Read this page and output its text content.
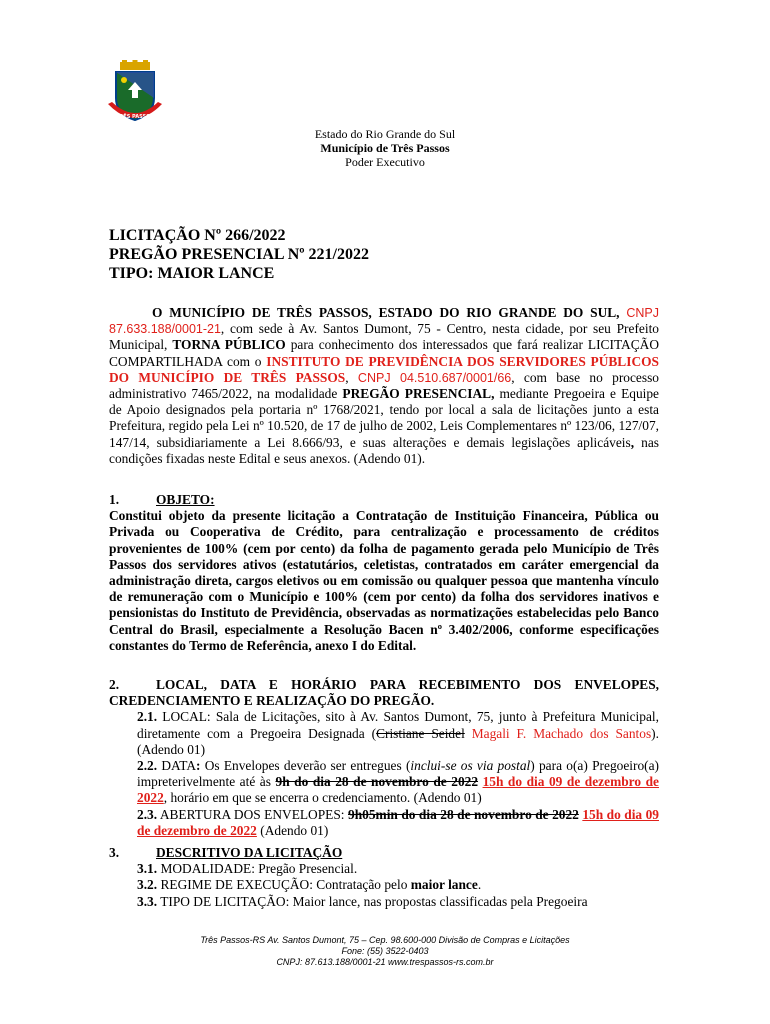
TRÊS PASSOS
Estado do Rio Grande do Sul
Município de Três Passos
Poder Executivo
LICITAÇÃO Nº 266/2022
PREGÃO PRESENCIAL Nº 221/2022
TIPO: MAIOR LANCE
O MUNICÍPIO DE TRÊS PASSOS, ESTADO DO RIO GRANDE DO SUL, CNPJ 87.633.188/0001-21, com sede à Av. Santos Dumont, 75 - Centro, nesta cidade, por seu Prefeito Municipal, TORNA PÚBLICO para conhecimento dos interessados que fará realizar LICITAÇÃO COMPARTILHADA com o INSTITUTO DE PREVIDÊNCIA DOS SERVIDORES PÚBLICOS DO MUNICÍPIO DE TRÊS PASSOS, CNPJ 04.510.687/0001/66, com base no processo administrativo 7465/2022, na modalidade PREGÃO PRESENCIAL, mediante Pregoeira e Equipe de Apoio designados pela portaria nº 1768/2021, tendo por local a sala de licitações junto a esta Prefeitura, regido pela Lei nº 10.520, de 17 de julho de 2002, Leis Complementares nº 123/06, 127/07, 147/14, subsidiariamente a Lei 8.666/93, e suas alterações e demais legislações aplicáveis, nas condições fixadas neste Edital e seus anexos. (Adendo 01).
1.	OBJETO:
Constitui objeto da presente licitação a Contratação de Instituição Financeira, Pública ou Privada ou Cooperativa de Crédito, para centralização e processamento de créditos provenientes de 100% (cem por cento) da folha de pagamento gerada pelo Município de Três Passos dos servidores ativos (estatutários, celetistas, contratados em caráter emergencial da administração direta, cargos eletivos ou em comissão ou qualquer pessoa que mantenha vínculo de remuneração com o Município e 100% (cem por cento) da folha dos servidores inativos e pensionistas do Instituto de Previdência, observadas as normatizações estabelecidas pelo Banco Central do Brasil, especialmente a Resolução Bacen nº 3.402/2006, conforme especificações constantes do Termo de Referência, anexo I do Edital.
2.	LOCAL, DATA E HORÁRIO PARA RECEBIMENTO DOS ENVELOPES, CREDENCIAMENTO E REALIZAÇÃO DO PREGÃO.
2.1. LOCAL: Sala de Licitações, sito à Av. Santos Dumont, 75, junto à Prefeitura Municipal, diretamente com a Pregoeira Designada (Cristiane Seidel Magali F. Machado dos Santos). (Adendo 01)
2.2. DATA: Os Envelopes deverão ser entregues (inclui-se os via postal) para o(a) Pregoeiro(a) impreterivelmente até às 9h do dia 28 de novembro de 2022 15h do dia 09 de dezembro de 2022, horário em que se encerra o credenciamento. (Adendo 01)
2.3. ABERTURA DOS ENVELOPES: 9h05min do dia 28 de novembro de 2022 15h do dia 09 de dezembro de 2022 (Adendo 01)
3.	DESCRITIVO DA LICITAÇÃO
3.1. MODALIDADE: Pregão Presencial.
3.2. REGIME DE EXECUÇÃO: Contratação pelo maior lance.
3.3. TIPO DE LICITAÇÃO: Maior lance, nas propostas classificadas pela Pregoeira
Três Passos-RS Av. Santos Dumont, 75 – Cep. 98.600-000 Divisão de Compras e Licitações
Fone: (55) 3522-0403
CNPJ: 87.613.188/0001-21 www.trespassos-rs.com.br
